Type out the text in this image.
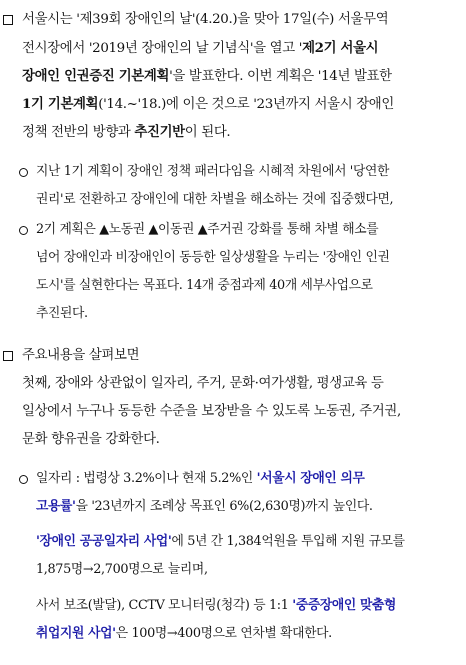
서울시는 '제39회 장애인의 날'(4.20.)을 맞아 17일(수) 서울무역
전시장에서 '2019년 장애인의 날 기념식'을 열고 '제2기 서울시
장애인 인권증진 기본계획'을 발표한다. 이번 계획은 '14년 발표한
1기 기본계획('14.~'18.)에 이은 것으로 '23년까지 서울시 장애인
정책 전반의 방향과 추진기반이 된다.
지난 1기 계획이 장애인 정책 패러다임을 시혜적 차원에서 '당연한
권리'로 전환하고 장애인에 대한 차별을 해소하는 것에 집중했다면,
2기 계획은 ▲노동권 ▲이동권 ▲주거권 강화를 통해 차별 해소를
넘어 장애인과 비장애인이 동등한 일상생활을 누리는 '장애인 인권
도시'를 실현한다는 목표다. 14개 중점과제 40개 세부사업으로
추진된다.
주요내용을 살펴보면
첫째, 장애와 상관없이 일자리, 주거, 문화·여가생활, 평생교육 등
일상에서 누구나 동등한 수준을 보장받을 수 있도록 노동권, 주거권,
문화 향유권을 강화한다.
일자리 : 법령상 3.2%이나 현재 5.2%인 '서울시 장애인 의무
고용률'을 '23년까지 조례상 목표인 6%(2,630명)까지 높인다.
'장애인 공공일자리 사업'에 5년 간 1,384억원을 투입해 지원 규모를
1,875명→2,700명으로 늘리며,
사서 보조(발달), CCTV 모니터링(청각) 등 1:1 '중증장애인 맞춤형
취업지원 사업'은 100명→400명으로 연차별 확대한다.
